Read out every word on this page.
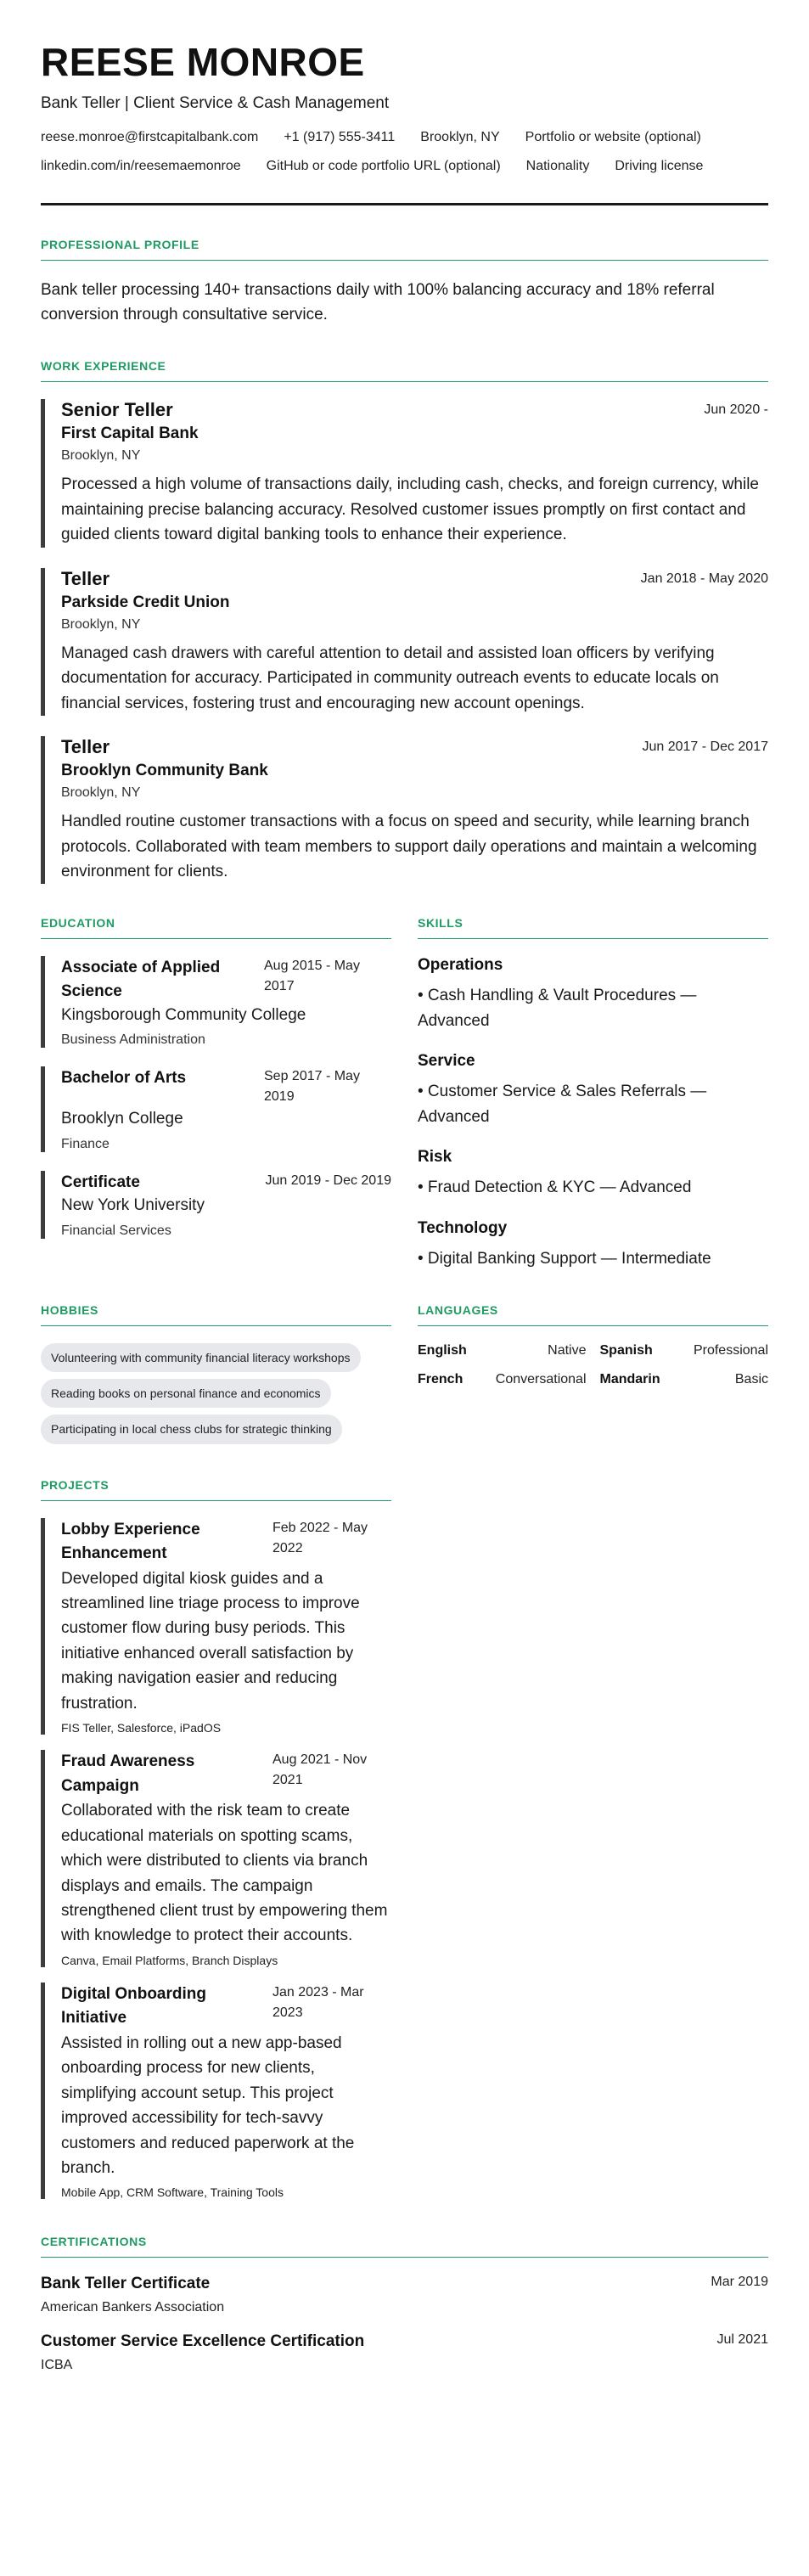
REESE MONROE
Bank Teller | Client Service & Cash Management
reese.monroe@firstcapitalbank.com +1 (917) 555-3411 Brooklyn, NY Portfolio or website (optional)
linkedin.com/in/reesemaemonroe GitHub or code portfolio URL (optional) Nationality Driving license
PROFESSIONAL PROFILE

Bank teller processing 140+ transactions daily with 100% balancing accuracy and 18% referral conversion through consultative service.

WORK EXPERIENCE
Senior Teller	Jun 2020 -
First Capital Bank
Brooklyn, NY

Processed a high volume of transactions daily, including cash, checks, and foreign currency, while maintaining precise balancing accuracy. Resolved customer issues promptly on first contact and guided clients toward digital banking tools to enhance their experience.

Teller	Jan 2018 - May 2020
Parkside Credit Union
Brooklyn, NY

Managed cash drawers with careful attention to detail and assisted loan officers by verifying documentation for accuracy. Participated in community outreach events to educate locals on financial services, fostering trust and encouraging new account openings.

Teller	Jun 2017 - Dec 2017
Brooklyn Community Bank
Brooklyn, NY

Handled routine customer transactions with a focus on speed and security, while learning branch protocols. Collaborated with team members to support daily operations and maintain a welcoming environment for clients.

EDUCATION
Associate of Applied Science
Aug 2015 - May 2017
Kingsborough Community College
Business Administration
Bachelor of Arts	Sep 2017 - May 2019
Brooklyn College
Finance
Certificate	Jun 2019 - Dec 2019
New York University
Financial Services
SKILLS
Operations
• Cash Handling & Vault Procedures — Advanced
Service
• Customer Service & Sales Referrals — Advanced
Risk
• Fraud Detection & KYC — Advanced
Technology
• Digital Banking Support — Intermediate
HOBBIES
Volunteering with community financial literacy workshops
Reading books on personal finance and economics
Participating in local chess clubs for strategic thinking
LANGUAGES
English	Native Spanish	Professional
French Conversational Mandarin	Basic
PROJECTS
Lobby Experience Enhancement
Feb 2022 - May 2022

Developed digital kiosk guides and a streamlined line triage process to improve customer flow during busy periods. This initiative enhanced overall satisfaction by making navigation easier and reducing frustration.

FIS Teller, Salesforce, iPadOS
Fraud Awareness Campaign
Aug 2021 - Nov 2021

Collaborated with the risk team to create educational materials on spotting scams, which were distributed to clients via branch displays and emails. The campaign strengthened client trust by empowering them with knowledge to protect their accounts.

Canva, Email Platforms, Branch Displays
Digital Onboarding Initiative
Jan 2023 - Mar 2023

Assisted in rolling out a new app-based onboarding process for new clients, simplifying account setup. This project improved accessibility for tech-savvy customers and reduced paperwork at the branch.

Mobile App, CRM Software, Training Tools
CERTIFICATIONS
Bank Teller Certificate
American Bankers Association
Mar 2019
Customer Service Excellence Certification
ICBA
Jul 2021
